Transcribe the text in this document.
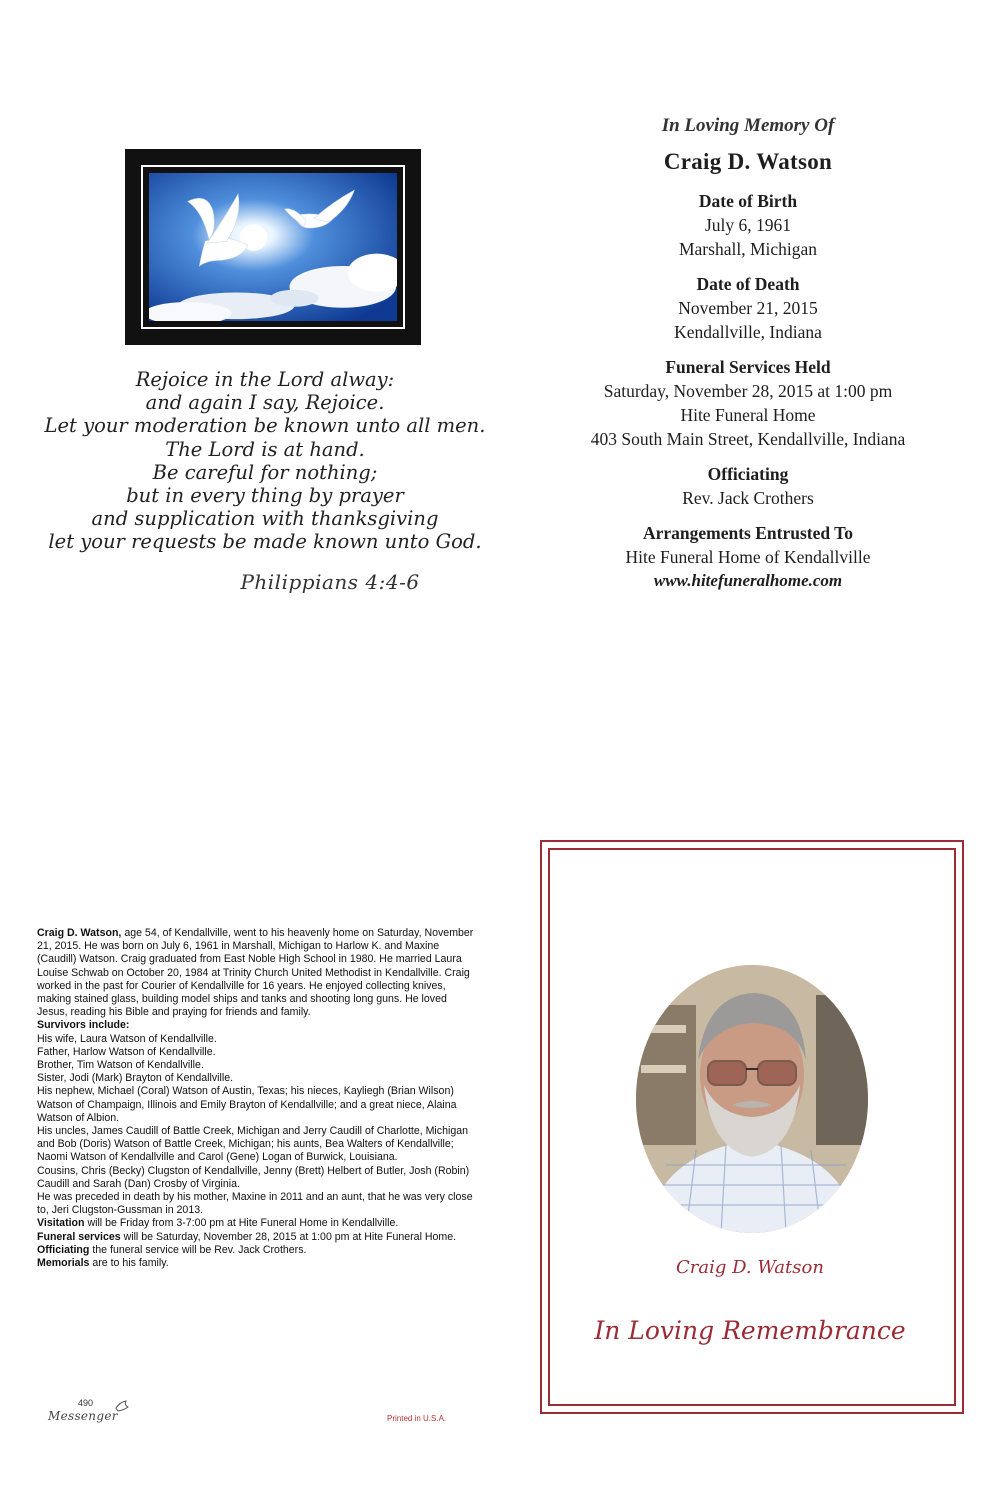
Rejoice in the Lord alway:
and again I say, Rejoice.
Let your moderation be known unto all men.
The Lord is at hand.
Be careful for nothing;
but in every thing by prayer
and supplication with thanksgiving
let your requests be made known unto God.
Philippians 4:4-6
In Loving Memory Of
Craig D. Watson
Date of Birth
July 6, 1961
Marshall, Michigan
Date of Death
November 21, 2015
Kendallville, Indiana
Funeral Services Held
Saturday, November 28, 2015 at 1:00 pm
Hite Funeral Home
403 South Main Street, Kendallville, Indiana
Officiating
Rev. Jack Crothers
Arrangements Entrusted To
Hite Funeral Home of Kendallville
www.hitefuneralhome.com

Craig D. Watson, age 54, of Kendallville, went to his heavenly home on Saturday, November 21, 2015. He was born on July 6, 1961 in Marshall, Michigan to Harlow K. and Maxine (Caudill) Watson. Craig graduated from East Noble High School in 1980. He married Laura Louise Schwab on October 20, 1984 at Trinity Church United Methodist in Kendallville. Craig worked in the past for Courier of Kendallville for 16 years. He enjoyed collecting knives, making stained glass, building model ships and tanks and shooting long guns. He loved Jesus, reading his Bible and praying for friends and family.

Survivors include:

His wife, Laura Watson of Kendallville.

Father, Harlow Watson of Kendallville.

Brother, Tim Watson of Kendallville.

Sister, Jodi (Mark) Brayton of Kendallville.

His nephew, Michael (Coral) Watson of Austin, Texas; his nieces, Kayliegh (Brian Wilson) Watson of Champaign, Illinois and Emily Brayton of Kendallville; and a great niece, Alaina Watson of Albion.

His uncles, James Caudill of Battle Creek, Michigan and Jerry Caudill of Charlotte, Michigan and Bob (Doris) Watson of Battle Creek, Michigan; his aunts, Bea Walters of Kendallville; Naomi Watson of Kendallville and Carol (Gene) Logan of Burwick, Louisiana.

Cousins, Chris (Becky) Clugston of Kendallville, Jenny (Brett) Helbert of Butler, Josh (Robin) Caudill and Sarah (Dan) Crosby of Virginia.

He was preceded in death by his mother, Maxine in 2011 and an aunt, that he was very close to, Jeri Clugston-Gussman in 2013.

Visitation will be Friday from 3-7:00 pm at Hite Funeral Home in Kendallville.

Funeral services will be Saturday, November 28, 2015 at 1:00 pm at Hite Funeral Home.

Officiating the funeral service will be Rev. Jack Crothers.

Memorials are to his family.

490
Messenger	Printed in U.S.A.
Craig D. Watson
In Loving Remembrance
